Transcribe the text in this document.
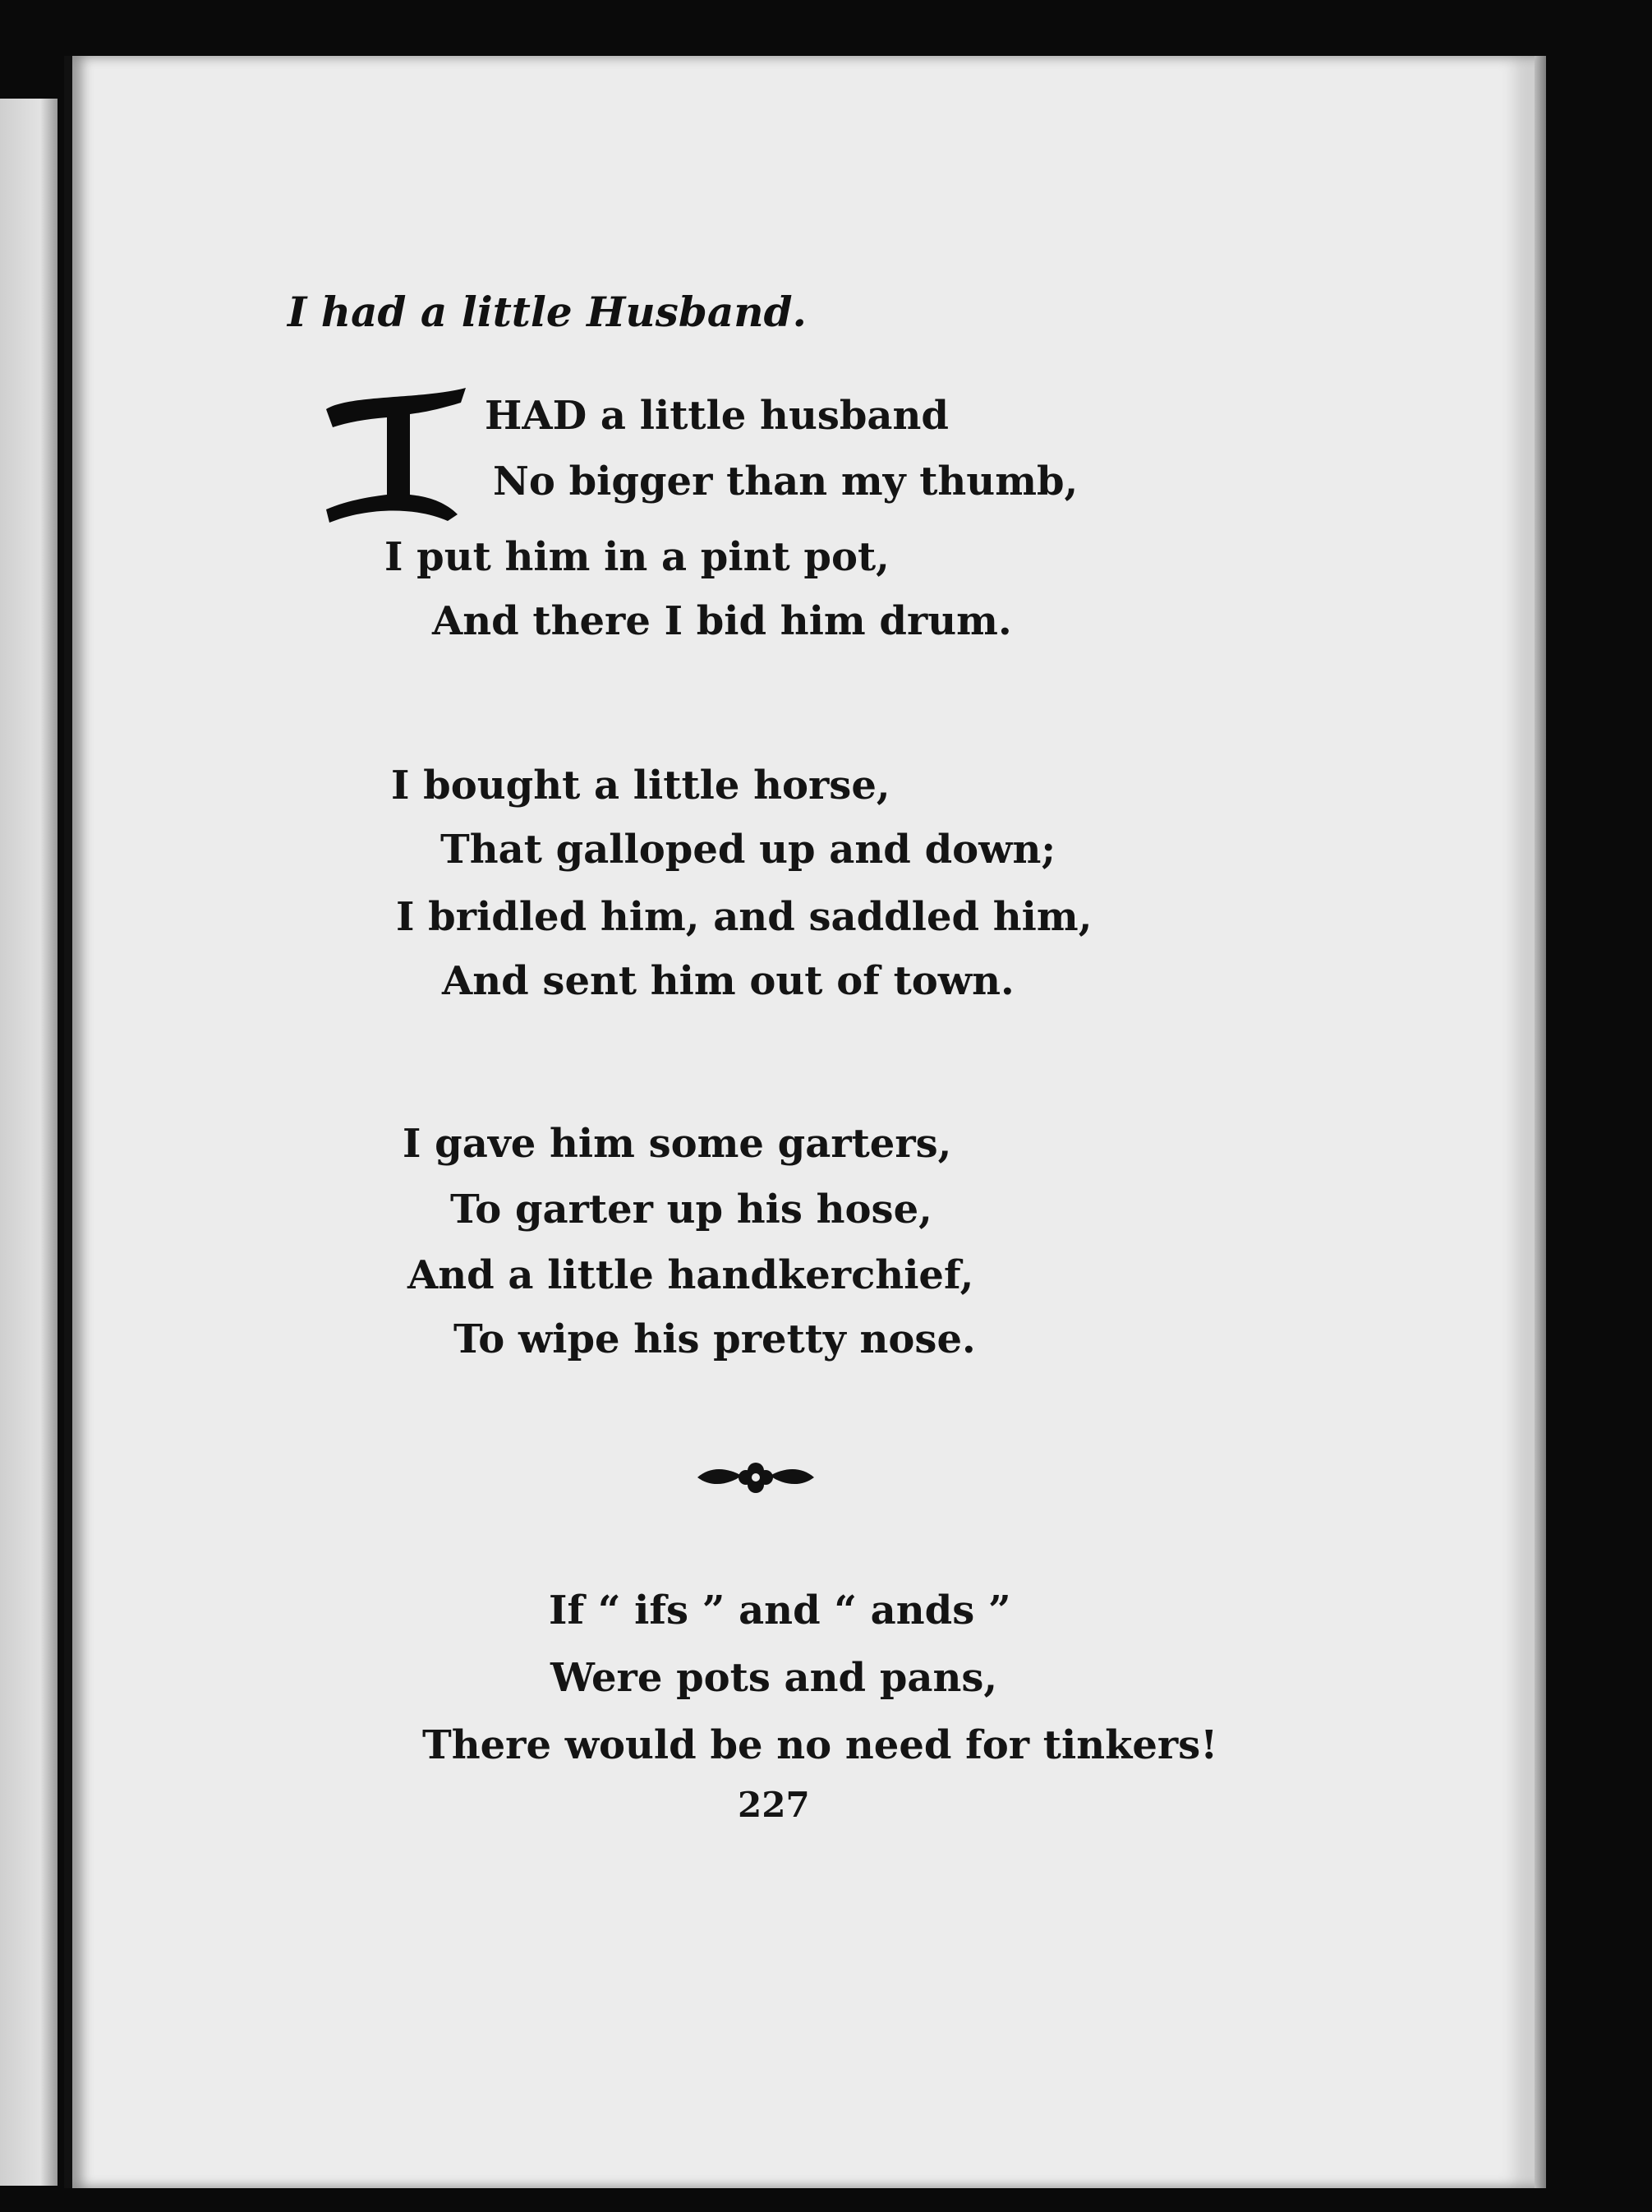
I had a little Husband.

HAD a little husband

No bigger than my thumb,

I put him in a pint pot,

And there I bid him drum.

I bought a little horse,

That galloped up and down;

I bridled him, and saddled him,

And sent him out of town.

I gave him some garters,

To garter up his hose,

And a little handkerchief,

To wipe his pretty nose.

If “ ifs ” and “ ands ”

Were pots and pans,

There would be no need for tinkers!

227
